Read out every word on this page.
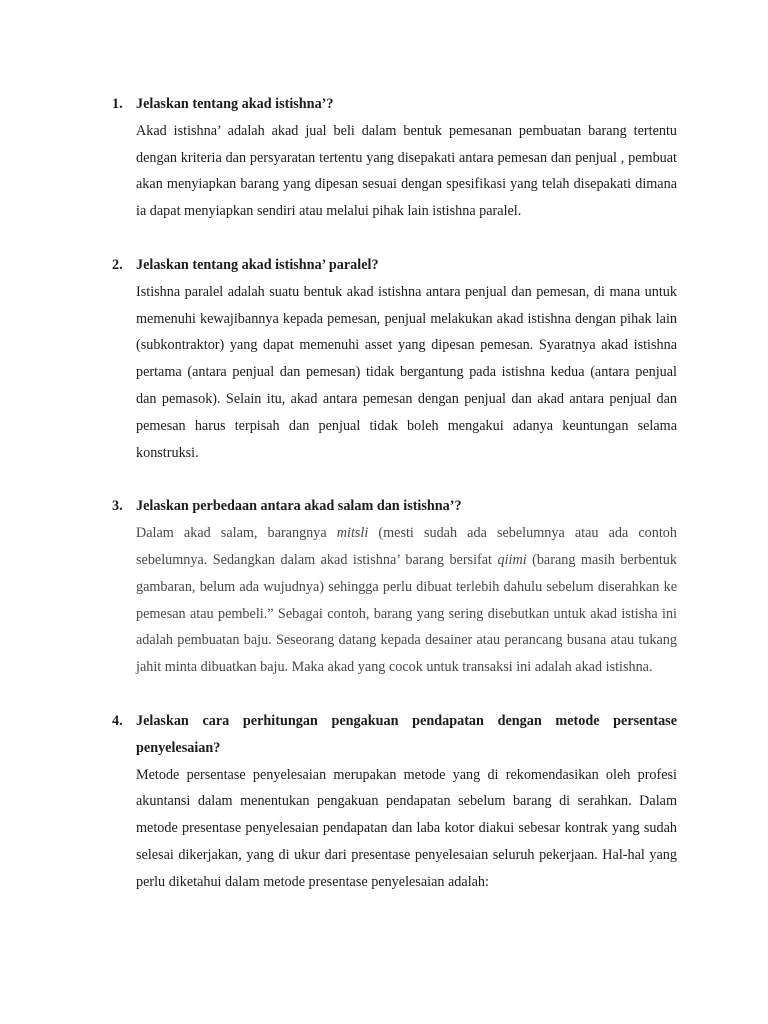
1. Jelaskan tentang akad istishna’?

Akad istishna’ adalah akad jual beli dalam bentuk pemesanan pembuatan barang tertentu dengan kriteria dan persyaratan tertentu yang disepakati antara pemesan dan penjual , pembuat akan menyiapkan barang yang dipesan sesuai dengan spesifikasi yang telah disepakati dimana ia dapat menyiapkan sendiri atau melalui pihak lain istishna paralel.

2. Jelaskan tentang akad istishna’ paralel?

Istishna paralel adalah suatu bentuk akad istishna antara penjual dan pemesan, di mana untuk memenuhi kewajibannya kepada pemesan, penjual melakukan akad istishna dengan pihak lain (subkontraktor) yang dapat memenuhi asset yang dipesan pemesan. Syaratnya akad istishna pertama (antara penjual dan pemesan) tidak bergantung pada istishna kedua (antara penjual dan pemasok). Selain itu, akad antara pemesan dengan penjual dan akad antara penjual dan pemesan harus terpisah dan penjual tidak boleh mengakui adanya keuntungan selama konstruksi.

3. Jelaskan perbedaan antara akad salam dan istishna’?

Dalam akad salam, barangnya mitsli (mesti sudah ada sebelumnya atau ada contoh sebelumnya. Sedangkan dalam akad istishna’ barang bersifat qiimi (barang masih berbentuk gambaran, belum ada wujudnya) sehingga perlu dibuat terlebih dahulu sebelum diserahkan ke pemesan atau pembeli.” Sebagai contoh, barang yang sering disebutkan untuk akad istisha ini adalah pembuatan baju. Seseorang datang kepada desainer atau perancang busana atau tukang jahit minta dibuatkan baju. Maka akad yang cocok untuk transaksi ini adalah akad istishna.

4. Jelaskan cara perhitungan pengakuan pendapatan dengan metode persentase penyelesaian?

Metode persentase penyelesaian merupakan metode yang di rekomendasikan oleh profesi akuntansi dalam menentukan pengakuan pendapatan sebelum barang di serahkan. Dalam metode presentase penyelesaian pendapatan dan laba kotor diakui sebesar kontrak yang sudah selesai dikerjakan, yang di ukur dari presentase penyelesaian seluruh pekerjaan. Hal-hal yang perlu diketahui dalam metode presentase penyelesaian adalah:
